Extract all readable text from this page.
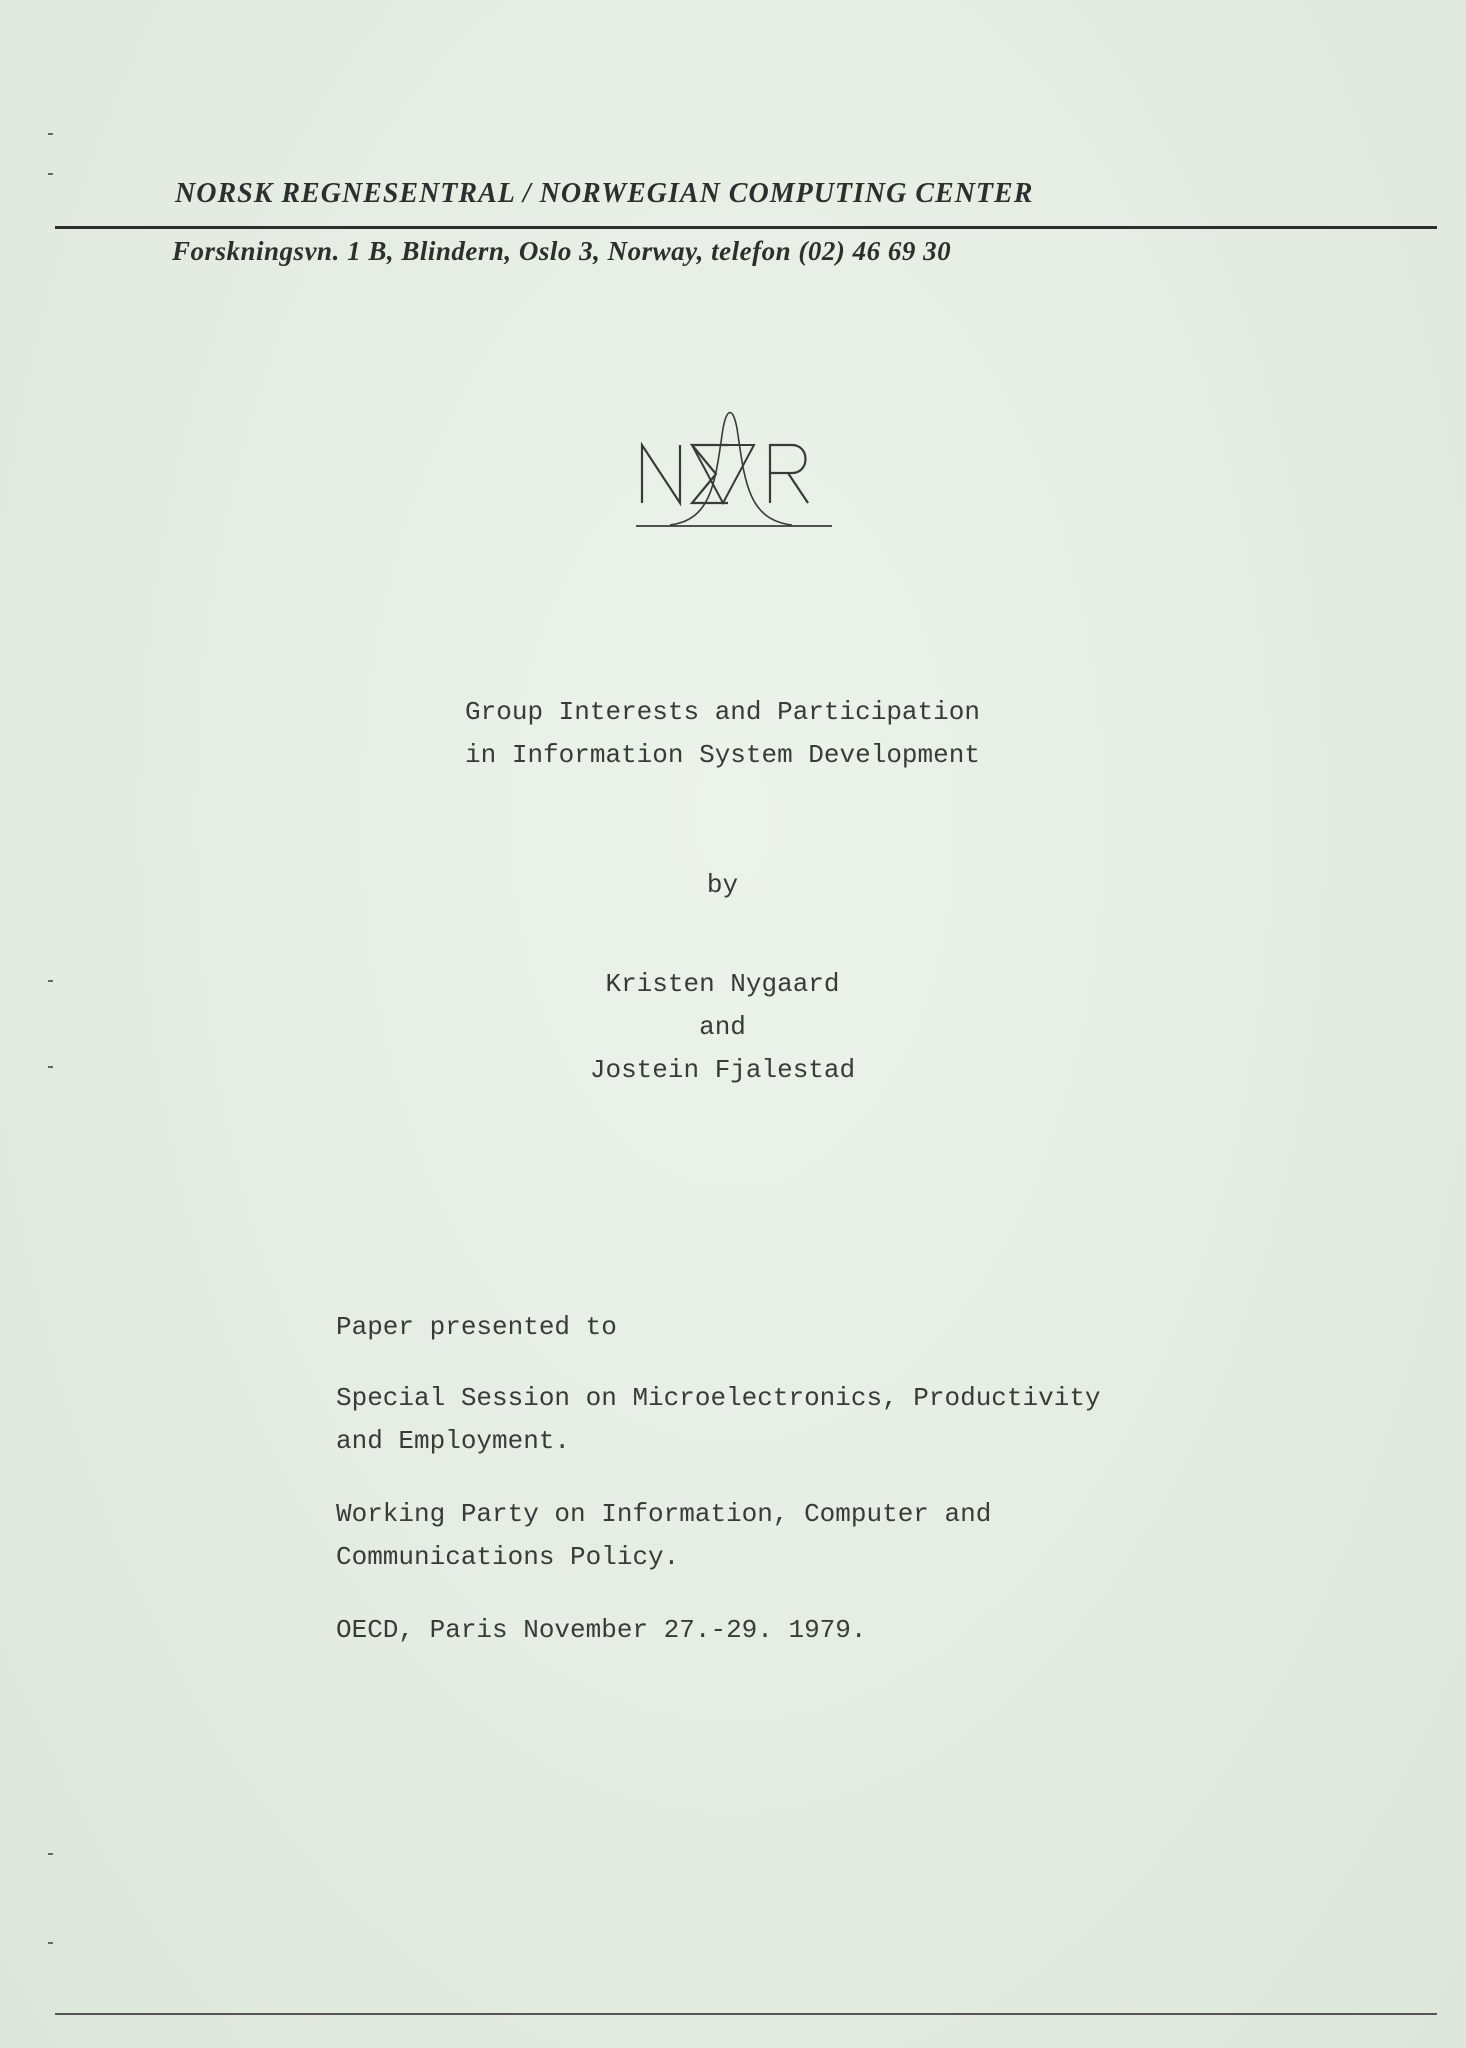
NORSK REGNESENTRAL / NORWEGIAN COMPUTING CENTER
Forskningsvn. 1 B, Blindern, Oslo 3, Norway, telefon (02) 46 69 30
Group Interests and Participation
in Information System Development
by
Kristen Nygaard
and
Jostein Fjalestad
Paper presented to
Special Session on Microelectronics, Productivity
and Employment.
Working Party on Information, Computer and
Communications Policy.
OECD, Paris November 27.-29. 1979.
